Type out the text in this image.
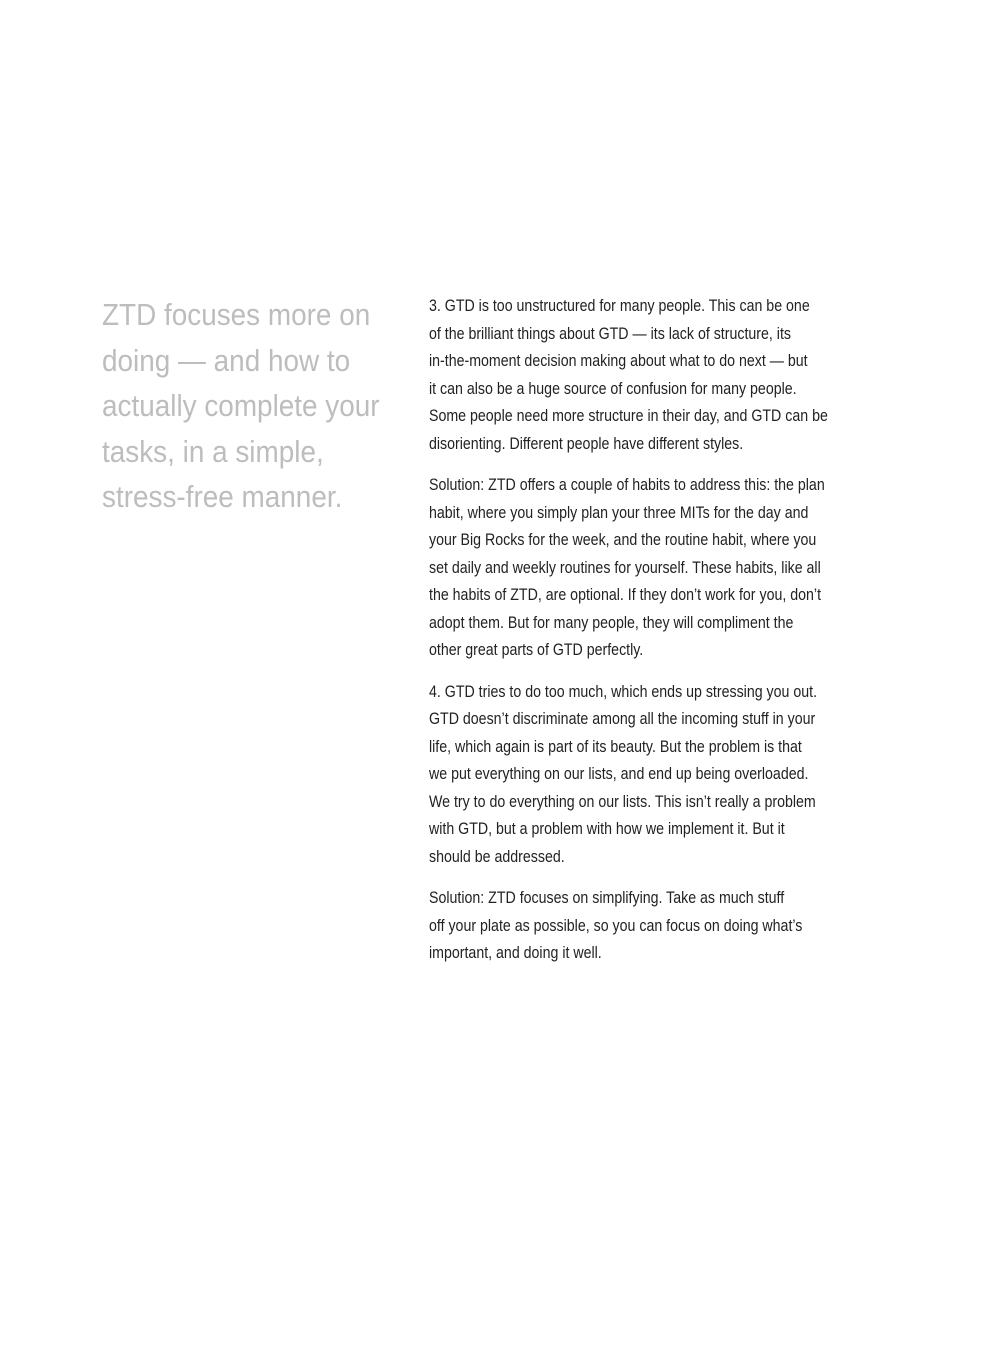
ZTD focuses more on
doing — and how to
actually complete your
tasks, in a simple,
stress-free manner.
3. GTD is too unstructured for many people. This can be one
of the brilliant things about GTD — its lack of structure, its
in-the-moment decision making about what to do next — but
it can also be a huge source of confusion for many people.
Some people need more structure in their day, and GTD can be
disorienting. Different people have different styles.
Solution: ZTD offers a couple of habits to address this: the plan
habit, where you simply plan your three MITs for the day and
your Big Rocks for the week, and the routine habit, where you
set daily and weekly routines for yourself. These habits, like all
the habits of ZTD, are optional. If they don’t work for you, don’t
adopt them. But for many people, they will compliment the
other great parts of GTD perfectly.
4. GTD tries to do too much, which ends up stressing you out.
GTD doesn’t discriminate among all the incoming stuff in your
life, which again is part of its beauty. But the problem is that
we put everything on our lists, and end up being overloaded.
We try to do everything on our lists. This isn’t really a problem
with GTD, but a problem with how we implement it. But it
should be addressed.
Solution: ZTD focuses on simplifying. Take as much stuff
off your plate as possible, so you can focus on doing what’s
important, and doing it well.
